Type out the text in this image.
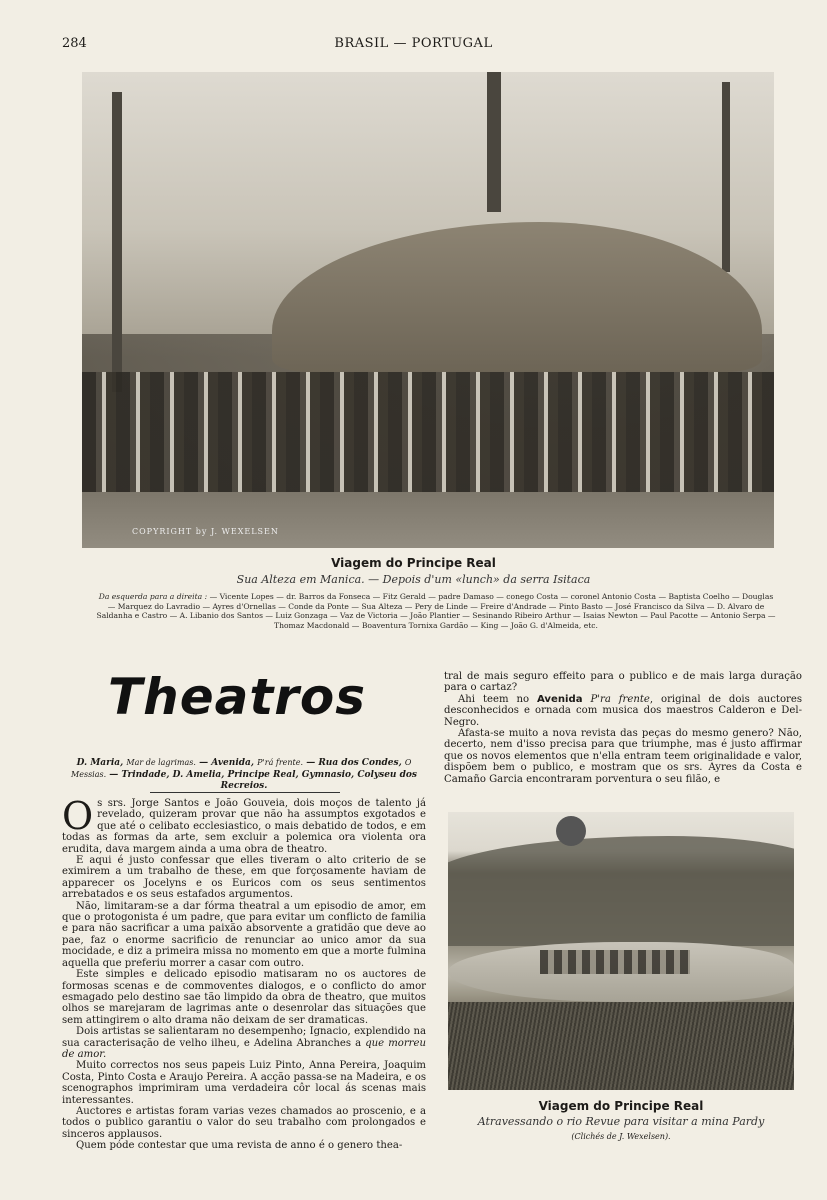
284	BRASIL — PORTUGAL
COPYRIGHT by J. WEXELSEN
Viagem do Principe Real
Sua Alteza em Manica. — Depois d'um «lunch» da serra Isitaca
Da esquerda para a direita : — Vicente Lopes — dr. Barros da Fonseca — Fitz Gerald — padre Damaso — conego Costa — coronel Antonio Costa — Baptista Coelho — Douglas — Marquez do Lavradio — Ayres d'Ornellas — Conde da Ponte — Sua Alteza — Pery de Linde — Freire d'Andrade — Pinto Basto — José Francisco da Silva — D. Alvaro de Saldanha e Castro — A. Libanio dos Santos — Luiz Gonzaga — Vaz de Victoria — João Plantier — Sesinando Ribeiro Arthur — Isaias Newton — Paul Pacotte — Antonio Serpa — Thomaz Macdonald — Boaventura Tornixa Gardão — King — João G. d'Almeida, etc.
Theatros
D. Maria, Mar de lagrimas. — Avenida, P'rá frente. — Rua dos Condes, O Messias. — Trindade, D. Amelia, Principe Real, Gymnasio, Colyseu dos Recreios.

Os srs. Jorge Santos e João Gouveia, dois moços de talento já revelado, quizeram provar que não ha assumptos exgotados e que até o celibato ecclesiastico, o mais debatido de todos, e em todas as formas da arte, sem excluir a polemica ora violenta ora erudita, dava margem ainda a uma obra de theatro.

E aqui é justo confessar que elles tiveram o alto criterio de se eximirem a um trabalho de these, em que forçosamente haviam de apparecer os Jocelyns e os Euricos com os seus sentimentos arrebatados e os seus estafados argumentos.

Não, limitaram-se a dar fórma theatral a um episodio de amor, em que o protogonista é um padre, que para evitar um conflicto de familia e para não sacrificar a uma paixão absorvente a gratidão que deve ao pae, faz o enorme sacrificio de renunciar ao unico amor da sua mocidade, e diz a primeira missa no momento em que a morte fulmina aquella que preferiu morrer a casar com outro.

Este simples e delicado episodio matisaram no os auctores de formosas scenas e de commoventes dialogos, e o conflicto do amor esmagado pelo destino sae tão limpido da obra de theatro, que muitos olhos se marejaram de lagrimas ante o desenrolar das situações que sem attingirem o alto drama não deixam de ser dramaticas.

Dois artistas se salientaram no desempenho; Ignacio, explendido na sua caracterisação de velho ilheu, e Adelina Abranches a que morreu de amor.

Muito correctos nos seus papeis Luiz Pinto, Anna Pereira, Joaquim Costa, Pinto Costa e Araujo Pereira. A acção passa-se na Madeira, e os scenographos imprimiram uma verdadeira côr local ás scenas mais interessantes.

Auctores e artistas foram varias vezes chamados ao proscenio, e a todos o publico garantiu o valor do seu trabalho com prolongados e sinceros applausos.

Quem póde contestar que uma revista de anno é o genero thea-

tral de mais seguro effeito para o publico e de mais larga duração para o cartaz?

Ahi teem no Avenida P'ra frente, original de dois auctores desconhecidos e ornada com musica dos maestros Calderon e Del-Negro.

Afasta-se muito a nova revista das peças do mesmo genero? Não, decerto, nem d'isso precisa para que triumphe, mas é justo affirmar que os novos elementos que n'ella entram teem originalidade e valor, dispõem bem o publico, e mostram que os srs. Ayres da Costa e Camaño Garcia encontraram porventura o seu filão, e

Viagem do Principe Real
Atravessando o rio Revue para visitar a mina Pardy
(Clichés de J. Wexelsen).
